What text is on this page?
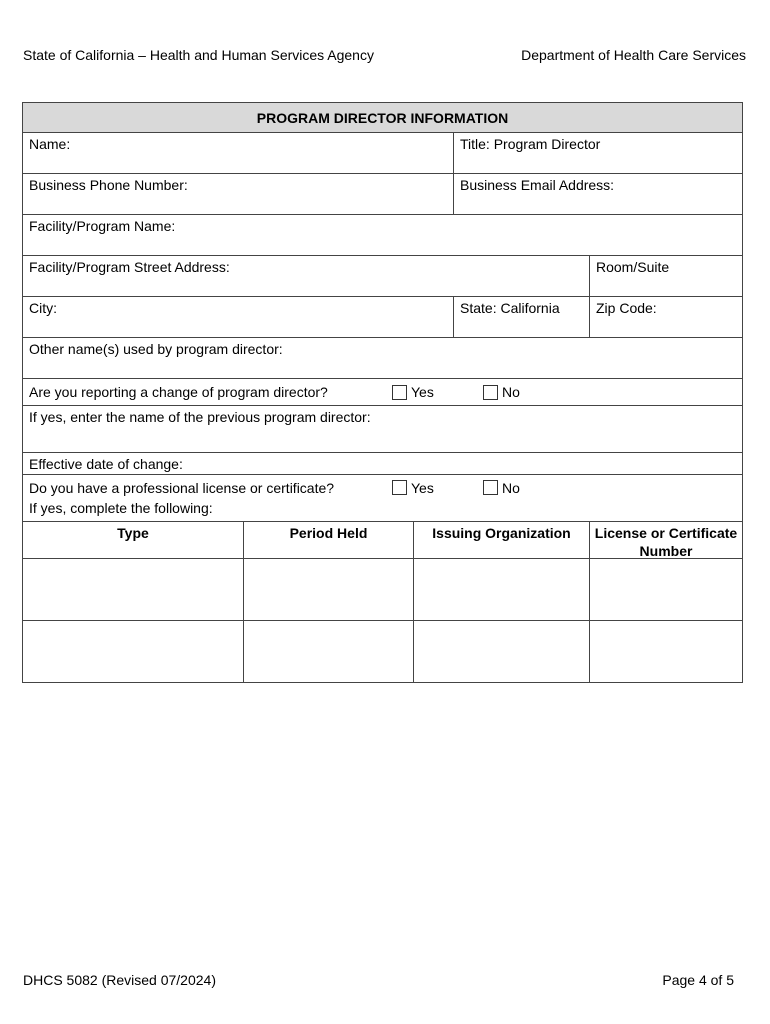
State of California – Health and Human Services Agency	Department of Health Care Services
PROGRAM DIRECTOR INFORMATION
Name:	Title: Program Director
Business Phone Number:	Business Email Address:
Facility/Program Name:
Facility/Program Street Address:	Room/Suite
City:	State: California	Zip Code:
Other name(s) used by program director:
Are you reporting a change of program director?	Yes	No
If yes, enter the name of the previous program director:
Effective date of change:
Do you have a professional license or certificate?	Yes	No
If yes, complete the following:
Type	Period Held	Issuing Organization	License or Certificate Number
DHCS 5082 (Revised 07/2024)	Page 4 of 5
